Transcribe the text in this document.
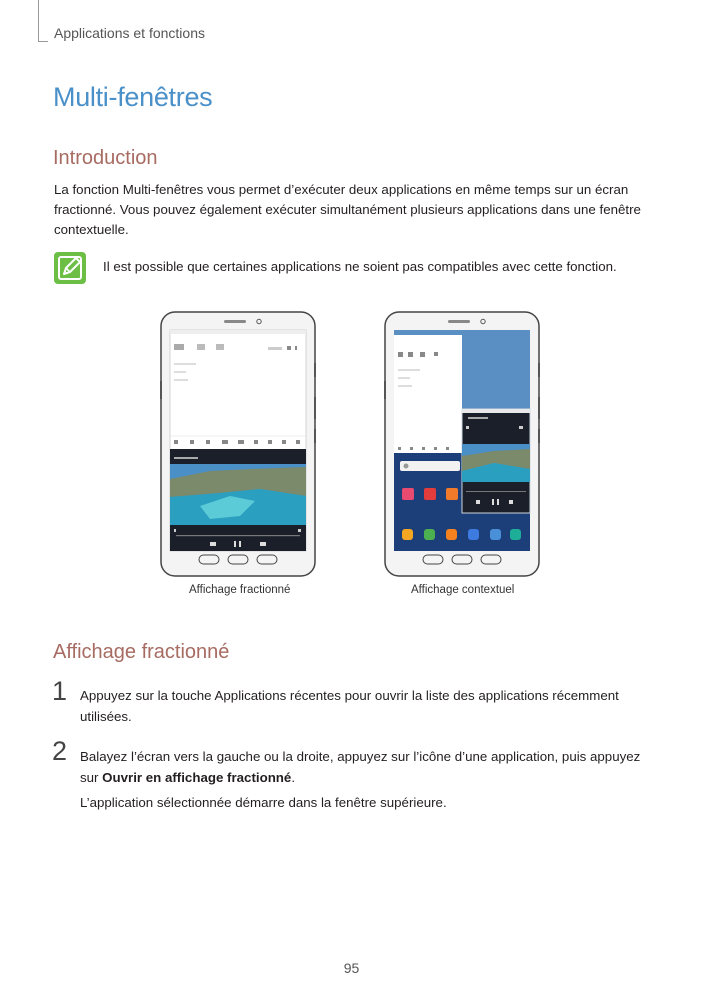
Applications et fonctions
Multi-fenêtres
Introduction

La fonction Multi-fenêtres vous permet d’exécuter deux applications en même temps sur un écran fractionné. Vous pouvez également exécuter simultanément plusieurs applications dans une fenêtre contextuelle.

Il est possible que certaines applications ne soient pas compatibles avec cette fonction.

Affichage fractionné	Affichage contextuel
Affichage fractionné
1 Appuyez sur la touche Applications récentes pour ouvrir la liste des applications récemment utilisées.

2 Balayez l’écran vers la gauche ou la droite, appuyez sur l’icône d’une application, puis appuyez sur Ouvrir en affichage fractionné.

L’application sélectionnée démarre dans la fenêtre supérieure.

95
